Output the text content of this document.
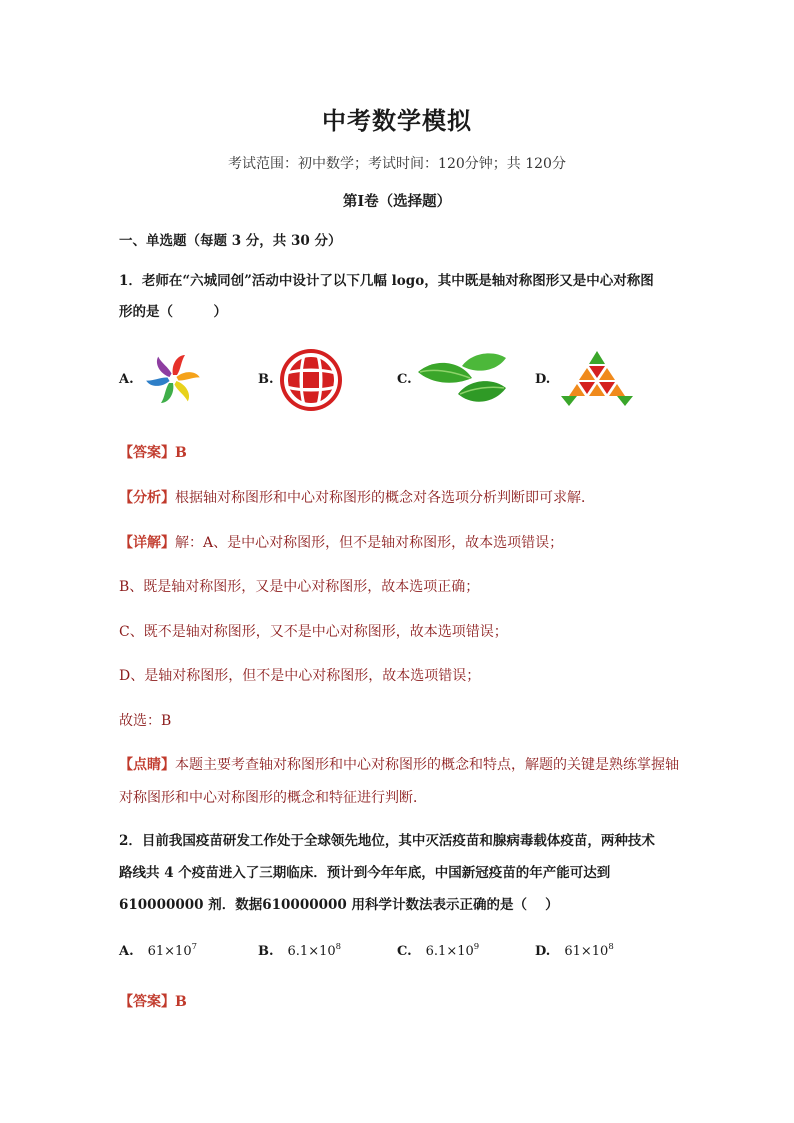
中考数学模拟
考试范围：初中数学；考试时间：120分钟；共 120分
第Ⅰ卷（选择题）
一、单选题（每题 3 分，共 30 分）
1．老师在“六城同创”活动中设计了以下几幅 logo，其中既是轴对称图形又是中心对称图
形的是（　　　）
A.	B.	C.	D.
【答案】B
【分析】根据轴对称图形和中心对称图形的概念对各选项分析判断即可求解．
【详解】解：A、是中心对称图形，但不是轴对称图形，故本选项错误；
B、既是轴对称图形，又是中心对称图形，故本选项正确；
C、既不是轴对称图形，又不是中心对称图形，故本选项错误；
D、是轴对称图形，但不是中心对称图形，故本选项错误；
故选：B
【点睛】本题主要考查轴对称图形和中心对称图形的概念和特点，解题的关键是熟练掌握轴
对称图形和中心对称图形的概念和特征进行判断．
2．目前我国疫苗研发工作处于全球领先地位，其中灭活疫苗和腺病毒载体疫苗，两种技术
路线共 4 个疫苗进入了三期临床．预计到今年年底，中国新冠疫苗的年产能可达到
610000000 剂．数据610000000 用科学计数法表示正确的是（　 ）
A. $61\times 10^7$	B. $6.1\times 10^8$	C. $6.1\times 10^9$	D. $61\times 10^8$
【答案】B
